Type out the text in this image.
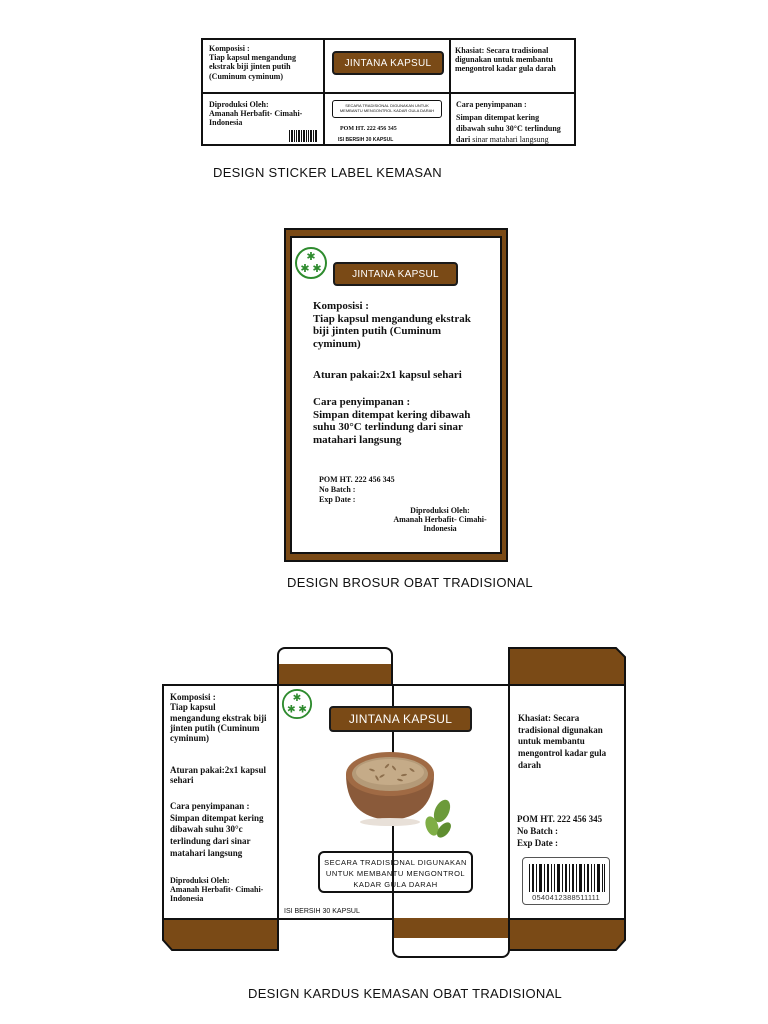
Komposisi :
Tiap kapsul mengandung
ekstrak biji jinten putih
(Cuminum cyminum)
JINTANA KAPSUL
Khasiat: Secara tradisional
digunakan untuk membantu
mengontrol kadar gula darah
Diproduksi Oleh:
Amanah Herbafit- Cimahi-
Indonesia
SECARA TRADISIONAL DIGUNAKAN UNTUK
MEMBANTU MENGONTROL KADAR GULA DARAH
POM HT. 222 456 345
ISI BERSIH 30 KAPSUL
Cara penyimpanan :
Simpan ditempat kering
dibawah suhu 30°C terlindung
dari sinar matahari langsung
DESIGN STICKER LABEL KEMASAN
✱
✱ ✱	JINTANA KAPSUL
Komposisi :
Tiap kapsul mengandung ekstrak
biji jinten putih (Cuminum
cyminum)
Aturan pakai:2x1 kapsul sehari
Cara penyimpanan :
Simpan ditempat kering dibawah
suhu 30°C terlindung dari sinar
matahari langsung
POM HT. 222 456 345
No Batch :
Exp Date :
Diproduksi Oleh:
Amanah Herbafit- Cimahi-
Indonesia
DESIGN BROSUR OBAT TRADISIONAL
Komposisi :
Tiap kapsul
mengandung ekstrak biji
jinten putih (Cuminum
cyminum)
Aturan pakai:2x1 kapsul
sehari
Cara penyimpanan :
Simpan ditempat kering
dibawah suhu 30°c
terlindung dari sinar
matahari langsung
Diproduksi Oleh:
Amanah Herbafit- Cimahi-
Indonesia
✱
✱ ✱
JINTANA KAPSUL
SECARA TRADISIONAL DIGUNAKAN
UNTUK MEMBANTU MENGONTROL
KADAR GULA DARAH
ISI BERSIH 30 KAPSUL
Khasiat: Secara
tradisional digunakan
untuk membantu
mengontrol kadar gula
darah
POM HT. 222 456 345
No Batch :
Exp Date :
0540412388511111
DESIGN KARDUS KEMASAN OBAT TRADISIONAL
